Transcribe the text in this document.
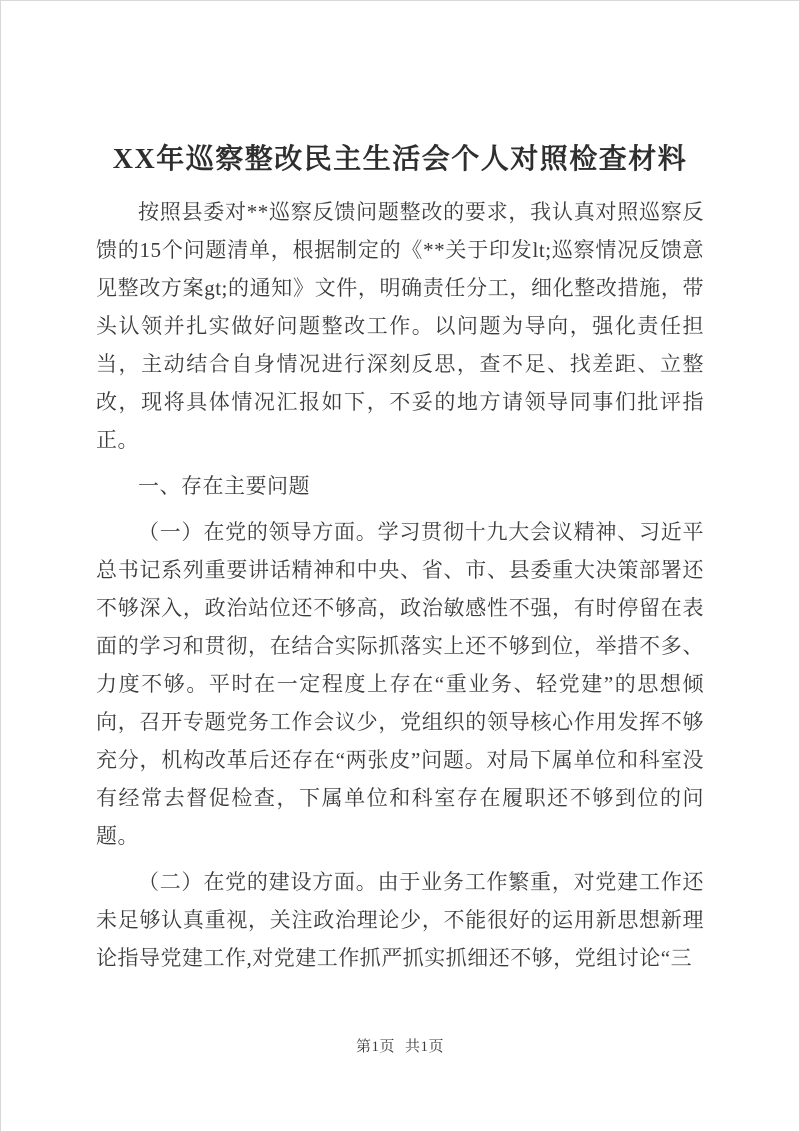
XX年巡察整改民主生活会个人对照检查材料

按照县委对**巡察反馈问题整改的要求，我认真对照巡察反馈的15个问题清单，根据制定的《**关于印发lt;巡察情况反馈意见整改方案gt;的通知》文件，明确责任分工，细化整改措施，带头认领并扎实做好问题整改工作。以问题为导向，强化责任担当，主动结合自身情况进行深刻反思，查不足、找差距、立整改，现将具体情况汇报如下，不妥的地方请领导同事们批评指正。

一、存在主要问题

（一）在党的领导方面。学习贯彻十九大会议精神、习近平总书记系列重要讲话精神和中央、省、市、县委重大决策部署还不够深入，政治站位还不够高，政治敏感性不强，有时停留在表面的学习和贯彻，在结合实际抓落实上还不够到位，举措不多、力度不够。平时在一定程度上存在“重业务、轻党建”的思想倾向，召开专题党务工作会议少，党组织的领导核心作用发挥不够充分，机构改革后还存在“两张皮”问题。对局下属单位和科室没有经常去督促检查，下属单位和科室存在履职还不够到位的问题。

（二）在党的建设方面。由于业务工作繁重，对党建工作还未足够认真重视，关注政治理论少，不能很好的运用新思想新理论指导党建工作,对党建工作抓严抓实抓细还不够，党组讨论“三

第1页 共1页
